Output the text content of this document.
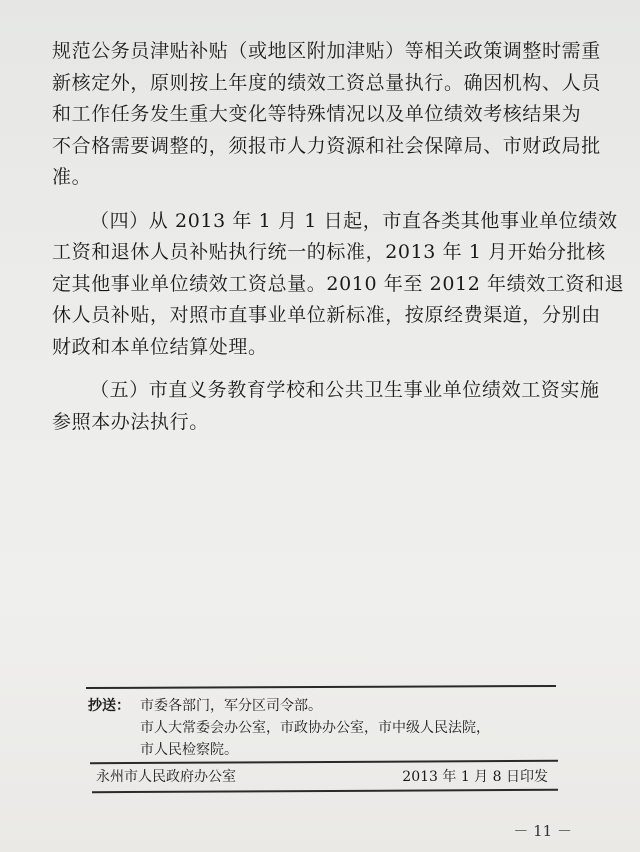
规范公务员津贴补贴（或地区附加津贴）等相关政策调整时需重
新核定外，原则按上年度的绩效工资总量执行。确因机构、人员
和工作任务发生重大变化等特殊情况以及单位绩效考核结果为
不合格需要调整的，须报市人力资源和社会保障局、市财政局批
准。
（四）从 2013 年 1 月 1 日起，市直各类其他事业单位绩效
工资和退休人员补贴执行统一的标准，2013 年 1 月开始分批核
定其他事业单位绩效工资总量。2010 年至 2012 年绩效工资和退
休人员补贴，对照市直事业单位新标准，按原经费渠道，分别由
财政和本单位结算处理。
（五）市直义务教育学校和公共卫生事业单位绩效工资实施
参照本办法执行。
抄送： 市委各部门，军分区司令部。
市人大常委会办公室，市政协办公室，市中级人民法院，
市人民检察院。
永州市人民政府办公室	2013 年 1 月 8 日印发
－ 11 －
